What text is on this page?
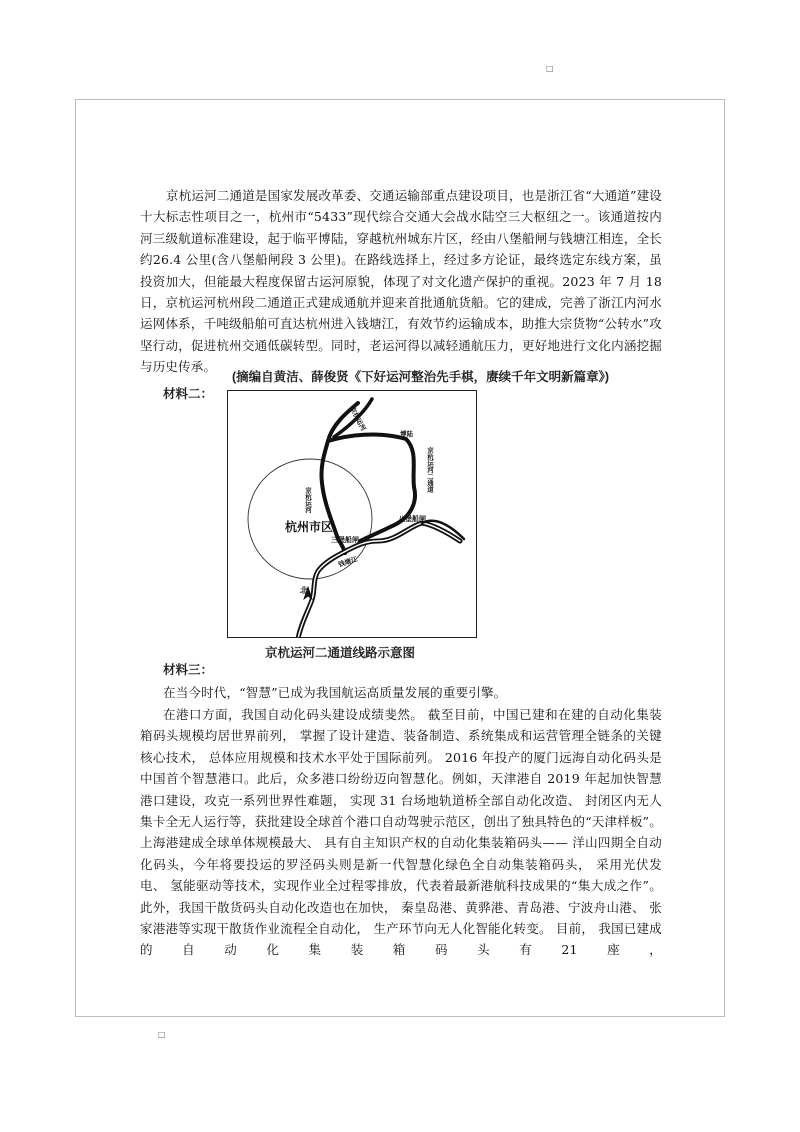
□

京杭运河二通道是国家发展改革委、交通运输部重点建设项目，也是浙江省“大通道”建设十大标志性项目之一，杭州市“5433”现代综合交通大会战水陆空三大枢纽之一。该通道按内河三级航道标准建设，起于临平博陆，穿越杭州城东片区，经由八堡船闸与钱塘江相连，全长约26.4 公里(含八堡船闸段 3 公里)。在路线选择上，经过多方论证，最终选定东线方案，虽投资加大，但能最大程度保留古运河原貌，体现了对文化遗产保护的重视。2023 年 7 月 18 日，京杭运河杭州段二通道正式建成通航并迎来首批通航货船。它的建成，完善了浙江内河水运网体系，千吨级船舶可直达杭州进入钱塘江，有效节约运输成本，助推大宗货物“公转水”攻坚行动，促进杭州交通低碳转型。同时，老运河得以减轻通航压力，更好地进行文化内涵挖掘与历史传承。

(摘编自黄洁、薛俊贤《下好运河整治先手棋，赓续千年文明新篇章》)
材料二：
京杭运河
博陆
京杭运河二通道
京杭运河
杭州市区
三堡船闸
八堡船闸
钱塘江
北
京杭运河二通道线路示意图
材料三：

在当今时代，“智慧”已成为我国航运高质量发展的重要引擎。

在港口方面，我国自动化码头建设成绩斐然。 截至目前，中国已建和在建的自动化集装箱码头规模均居世界前列， 掌握了设计建造、装备制造、系统集成和运营管理全链条的关键核心技术， 总体应用规模和技术水平处于国际前列。 2016 年投产的厦门远海自动化码头是中国首个智慧港口。此后，众多港口纷纷迈向智慧化。例如，天津港自 2019 年起加快智慧港口建设，攻克一系列世界性难题， 实现 31 台场地轨道桥全部自动化改造、 封闭区内无人集卡全无人运行等，获批建设全球首个港口自动驾驶示范区，创出了独具特色的“天津样板”。上海港建成全球单体规模最大、 具有自主知识产权的自动化集装箱码头—— 洋山四期全自动化码头，今年将要投运的罗泾码头则是新一代智慧化绿色全自动集装箱码头， 采用光伏发电、 氢能驱动等技术，实现作业全过程零排放，代表着最新港航科技成果的“集大成之作”。此外，我国干散货码头自动化改造也在加快， 秦皇岛港、黄骅港、青岛港、宁波舟山港、 张家港港等实现干散货作业流程全自动化， 生产环节向无人化智能化转变。 目前， 我国已建成的自动化集装箱码头有21座，

□
